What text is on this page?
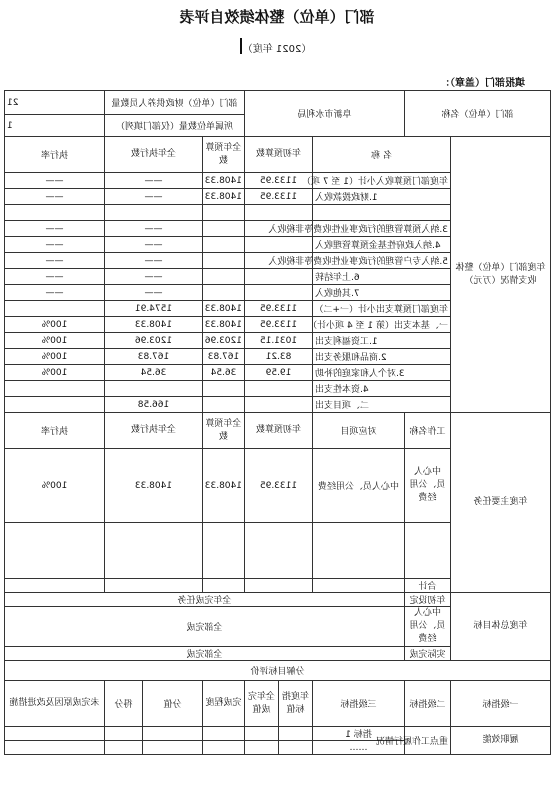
部门（单位）整体绩效自评表
（2021 年度）
填报部门（盖章）：
21	部门（单位）财政供养人员数量			阜新市水利局			部门（单位）名称	

1	所属单位数量（仅部门填列）							

执行率	全年执行数		全年预算数	年初预算数		名 称		年度部门（单位）整体收支情况（万元）

——	——		1408.33	1133.95		年度部门预算收入小计（1 至 7 项）		

——	——		1408.33	1133.95		1.财政拨款收入		

——	——					3.纳入预算管理的行政事业性收费等非税收入		

——	——					4.纳入政府性基金预算管理收入		

——	——					5.纳入专户管理的行政事业性收费等非税收入		

——	——					6.上年结转		

——	——					7.其他收入		

	1574.91		1408.33	1133.95		年度部门预算支出小计（一+二）		

100%	1408.33		1408.33	1133.95		一、基本支出（第 1 至 4 项小计）		

100%	1203.96		1203.96	1031.15		1.工资福利支出		

100%	167.83		167.83	83.21		2.商品和服务支出		

100%	36.54		36.54	19.59		3.对个人和家庭的补助		

						4.资本性支出		

	166.58					二、项目支出		

执行率	全年执行数		全年预算数	年初预算数		对应项目	工作名称	年度主要任务

100%	1408.33		1408.33	1133.95		中心人员、公用经费	中心人员、公用经费	

							合计	

全年完成任务							年初设定	年度总体目标

全部完成							中心人员、公用经费	

全部完成							实际完成	

分解目标评价								

未完成原因及改进措施	得分	分值	完成程度	全年完成值	年度指标值	三级指标	二级指标	一级指标

						指标 1	重点工作履行情况	履职效能

						……		
